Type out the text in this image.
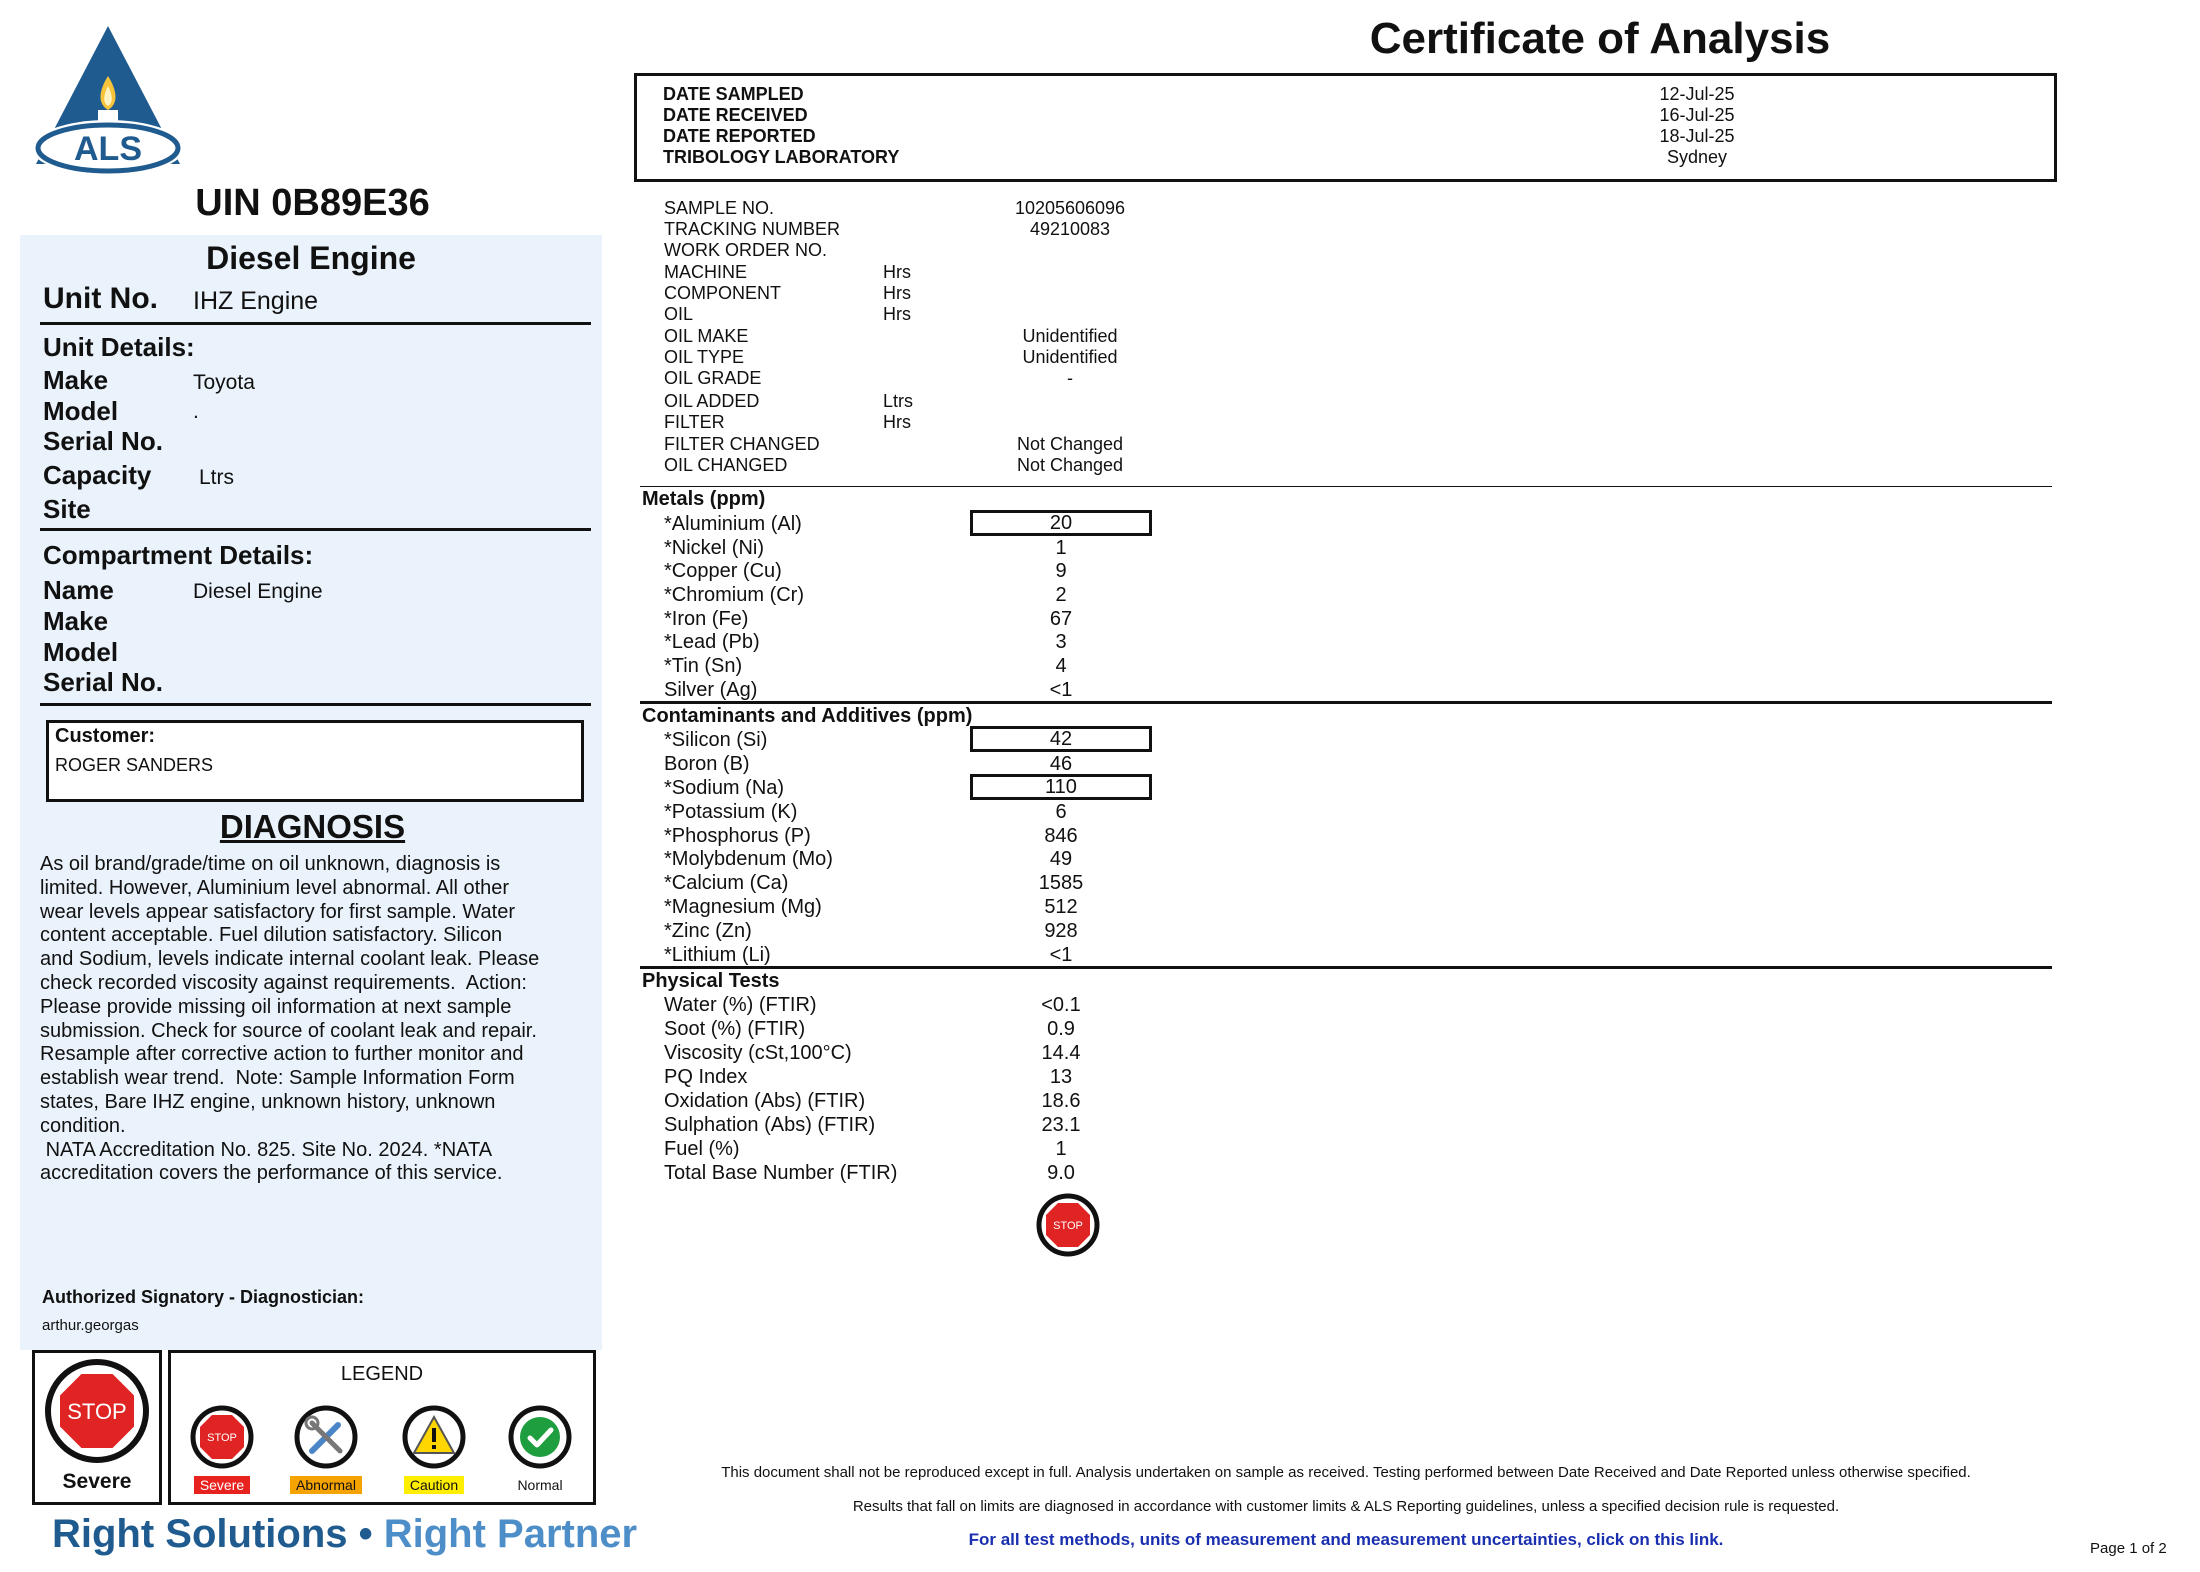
ALS
UIN 0B89E36
Diesel Engine
Unit No. IHZ Engine
Unit Details:
Make	Toyota
Model	.
Serial No.
Capacity Ltrs
Site
Compartment Details:
Name	Diesel Engine
Make
Model
Serial No.
Customer:
ROGER SANDERS
DIAGNOSIS
As oil brand/grade/time on oil unknown, diagnosis is
limited. However, Aluminium level abnormal. All other
wear levels appear satisfactory for first sample. Water
content acceptable. Fuel dilution satisfactory. Silicon
and Sodium, levels indicate internal coolant leak. Please
check recorded viscosity against requirements.  Action:
Please provide missing oil information at next sample
submission. Check for source of coolant leak and repair.
Resample after corrective action to further monitor and
establish wear trend.  Note: Sample Information Form
states, Bare IHZ engine, unknown history, unknown
condition.
NATA Accreditation No. 825. Site No. 2024. *NATA
accreditation covers the performance of this service.
Authorized Signatory - Diagnostician:
arthur.georgas
STOP
Severe
LEGEND
STOP

Severe	Abnormal	Caution	Normal
Right Solutions • Right Partner
Certificate of Analysis
DATE SAMPLED	12-Jul-25
DATE RECEIVED	16-Jul-25
DATE REPORTED	18-Jul-25
TRIBOLOGY LABORATORY	Sydney
SAMPLE NO.	10205606096
TRACKING NUMBER	49210083
WORK ORDER NO.
MACHINE	Hrs
COMPONENT	Hrs
OIL	Hrs
OIL MAKE	Unidentified
OIL TYPE	Unidentified
OIL GRADE	-
OIL ADDED	Ltrs
FILTER	Hrs
FILTER CHANGED	Not Changed
OIL CHANGED	Not Changed
Metals (ppm)
*Aluminium (Al)	20
*Nickel (Ni)	1
*Copper (Cu)	9
*Chromium (Cr)	2
*Iron (Fe)	67
*Lead (Pb)	3
*Tin (Sn)	4
Silver (Ag)	<1
Contaminants and Additives (ppm)
*Silicon (Si)	42
Boron (B)	46
*Sodium (Na)	110
*Potassium (K)	6
*Phosphorus (P)	846
*Molybdenum (Mo)	49
*Calcium (Ca)	1585
*Magnesium (Mg)	512
*Zinc (Zn)	928
*Lithium (Li)	<1
Physical Tests
Water (%) (FTIR)	<0.1
Soot (%) (FTIR)	0.9
Viscosity (cSt,100°C)	14.4
PQ Index	13
Oxidation (Abs) (FTIR)	18.6
Sulphation (Abs) (FTIR)	23.1
Fuel (%)	1
Total Base Number (FTIR)	9.0
STOP
This document shall not be reproduced except in full. Analysis undertaken on sample as received. Testing performed between Date Received and Date Reported unless otherwise specified.
Results that fall on limits are diagnosed in accordance with customer limits & ALS Reporting guidelines, unless a specified decision rule is requested.
For all test methods, units of measurement and measurement uncertainties, click on this link.	Page 1 of 2
